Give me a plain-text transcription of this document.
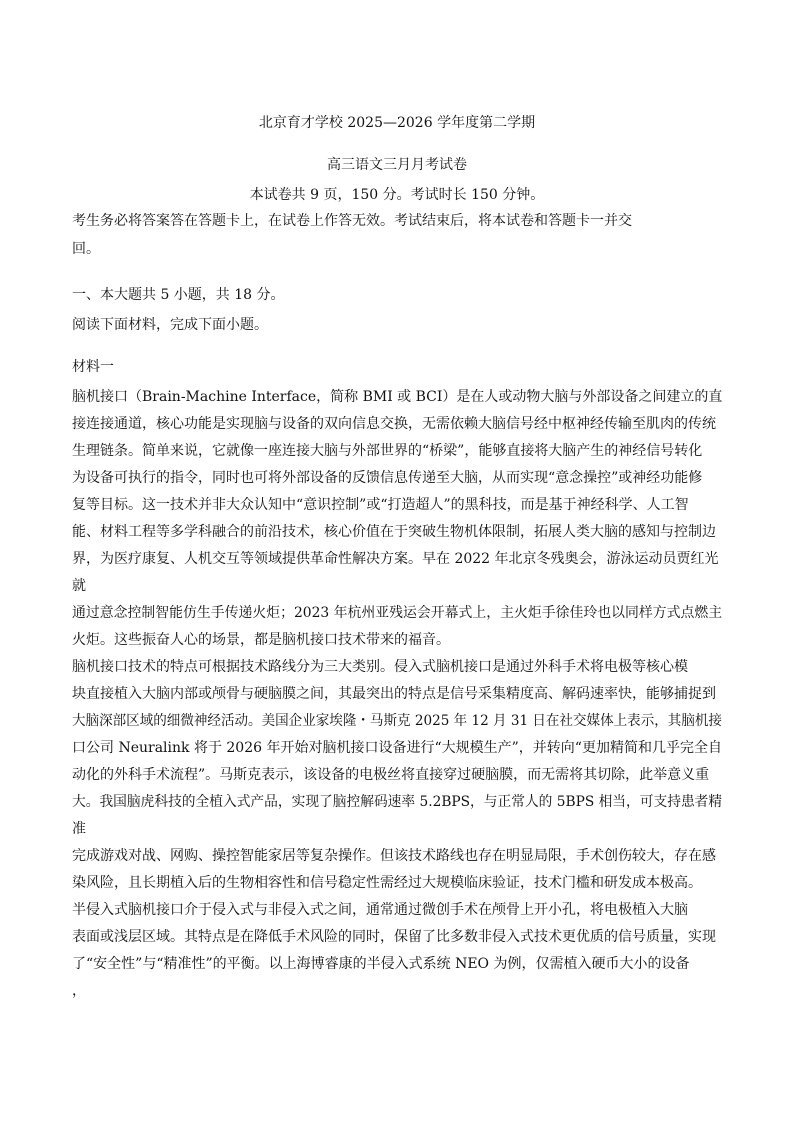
北京育才学校 2025—2026 学年度第二学期
高三语文三月月考试卷
本试卷共 9 页，150 分。考试时长 150 分钟。
考生务必将答案答在答题卡上，在试卷上作答无效。考试结束后，将本试卷和答题卡一并交
回。
一、本大题共 5 小题，共 18 分。
阅读下面材料，完成下面小题。
材料一
脑机接口（Brain-Machine Interface，简称 BMI 或 BCI）是在人或动物大脑与外部设备之间建立的直
接连接通道，核心功能是实现脑与设备的双向信息交换，无需依赖大脑信号经中枢神经传输至肌肉的传统
生理链条。简单来说，它就像一座连接大脑与外部世界的“桥梁”，能够直接将大脑产生的神经信号转化
为设备可执行的指令，同时也可将外部设备的反馈信息传递至大脑，从而实现“意念操控”或神经功能修
复等目标。这一技术并非大众认知中“意识控制”或“打造超人”的黑科技，而是基于神经科学、人工智
能、材料工程等多学科融合的前沿技术，核心价值在于突破生物机体限制，拓展人类大脑的感知与控制边
界，为医疗康复、人机交互等领域提供革命性解决方案。早在 2022 年北京冬残奥会，游泳运动员贾红光
就
通过意念控制智能仿生手传递火炬；2023 年杭州亚残运会开幕式上，主火炬手徐佳玲也以同样方式点燃主
火炬。这些振奋人心的场景，都是脑机接口技术带来的福音。
脑机接口技术的特点可根据技术路线分为三大类别。侵入式脑机接口是通过外科手术将电极等核心模
块直接植入大脑内部或颅骨与硬脑膜之间，其最突出的特点是信号采集精度高、解码速率快，能够捕捉到
大脑深部区域的细微神经活动。美国企业家埃隆・马斯克 2025 年 12 月 31 日在社交媒体上表示，其脑机接
口公司 Neuralink 将于 2026 年开始对脑机接口设备进行“大规模生产”，并转向“更加精简和几乎完全自
动化的外科手术流程”。马斯克表示，该设备的电极丝将直接穿过硬脑膜，而无需将其切除，此举意义重
大。我国脑虎科技的全植入式产品，实现了脑控解码速率 5.2BPS，与正常人的 5BPS 相当，可支持患者精
准
完成游戏对战、网购、操控智能家居等复杂操作。但该技术路线也存在明显局限，手术创伤较大，存在感
染风险，且长期植入后的生物相容性和信号稳定性需经过大规模临床验证，技术门槛和研发成本极高。
半侵入式脑机接口介于侵入式与非侵入式之间，通常通过微创手术在颅骨上开小孔，将电极植入大脑
表面或浅层区域。其特点是在降低手术风险的同时，保留了比多数非侵入式技术更优质的信号质量，实现
了“安全性”与“精准性”的平衡。以上海博睿康的半侵入式系统 NEO 为例，仅需植入硬币大小的设备
，
